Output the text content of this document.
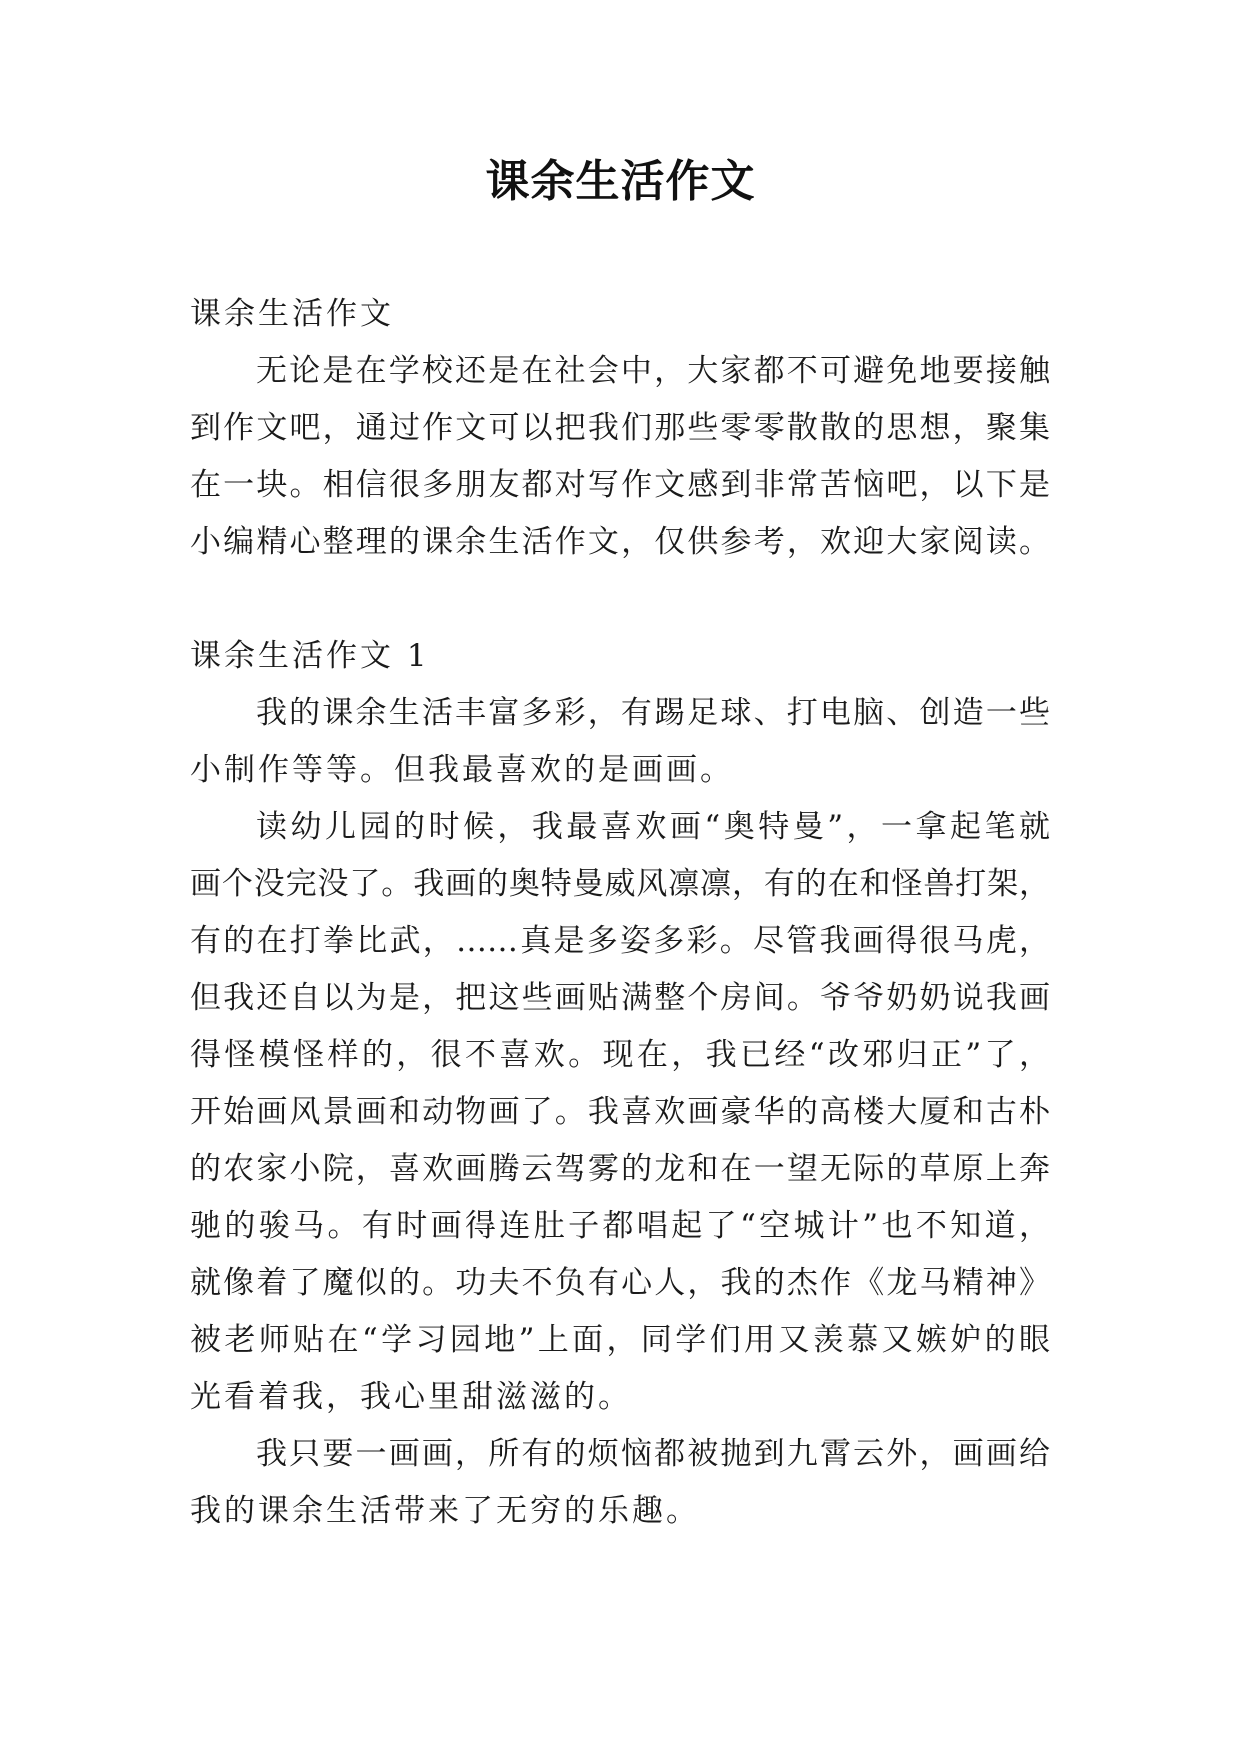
课余生活作文
课余生活作文
无论是在学校还是在社会中，大家都不可避免地要接触
到作文吧，通过作文可以把我们那些零零散散的思想，聚集
在一块。相信很多朋友都对写作文感到非常苦恼吧，以下是
小编精心整理的课余生活作文，仅供参考，欢迎大家阅读。
课余生活作文 1
我的课余生活丰富多彩，有踢足球、打电脑、创造一些
小制作等等。但我最喜欢的是画画。
读幼儿园的时候，我最喜欢画“奥特曼”，一拿起笔就
画个没完没了。我画的奥特曼威风凛凛，有的在和怪兽打架，
有的在打拳比武，……真是多姿多彩。尽管我画得很马虎，
但我还自以为是，把这些画贴满整个房间。爷爷奶奶说我画
得怪模怪样的，很不喜欢。现在，我已经“改邪归正”了，
开始画风景画和动物画了。我喜欢画豪华的高楼大厦和古朴
的农家小院，喜欢画腾云驾雾的龙和在一望无际的草原上奔
驰的骏马。有时画得连肚子都唱起了“空城计”也不知道，
就像着了魔似的。功夫不负有心人，我的杰作《龙马精神》
被老师贴在“学习园地”上面，同学们用又羡慕又嫉妒的眼
光看着我，我心里甜滋滋的。
我只要一画画，所有的烦恼都被抛到九霄云外，画画给
我的课余生活带来了无穷的乐趣。
